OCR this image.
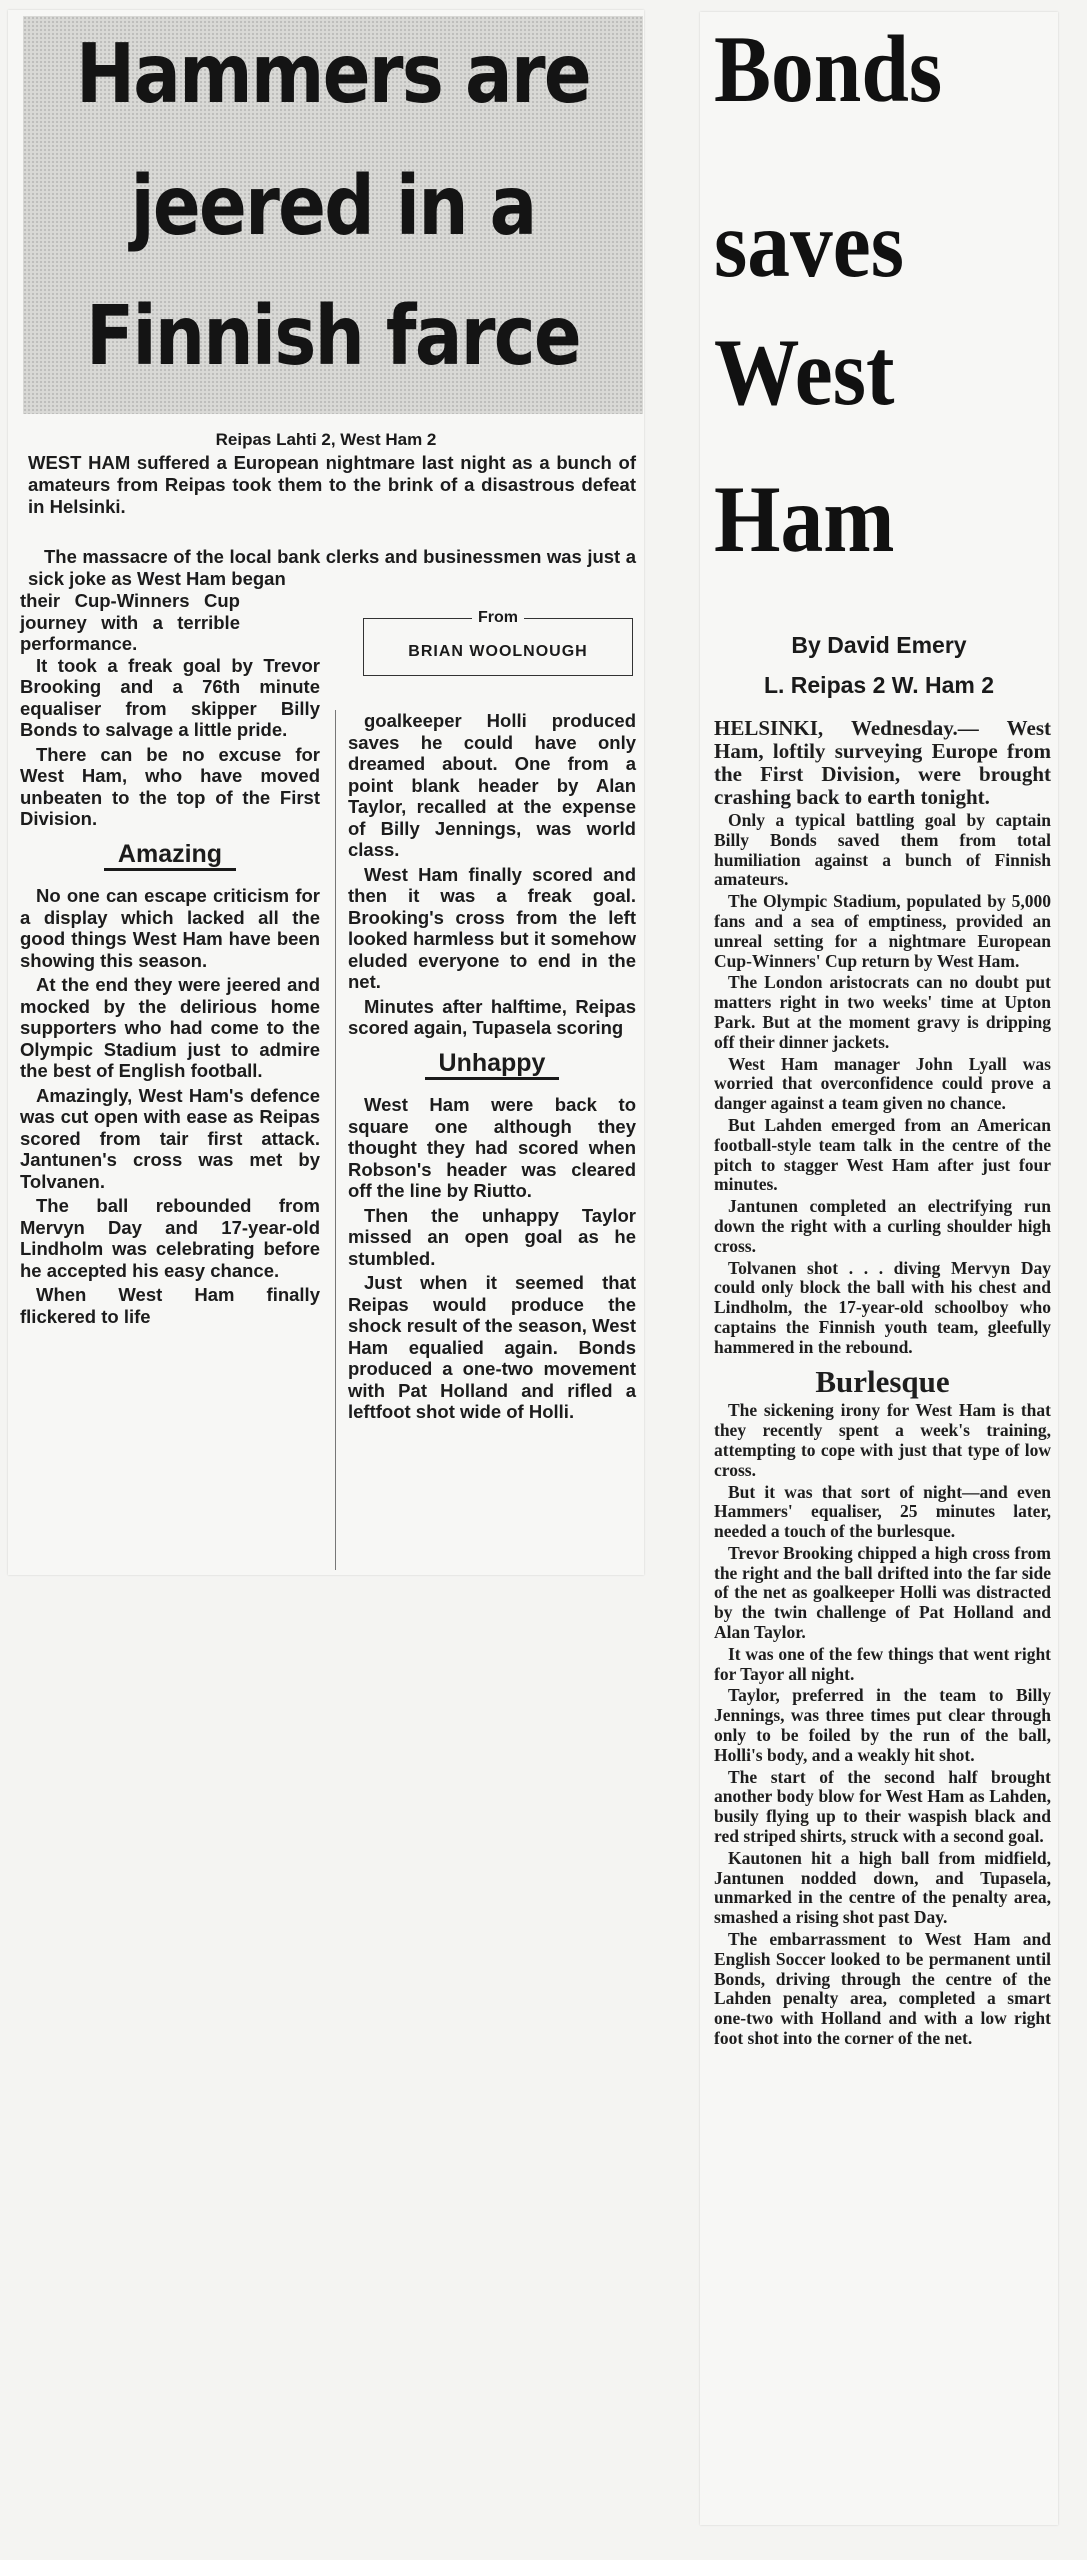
Hammers are
jeered in a
Finnish farce
Reipas Lahti 2, West Ham 2
WEST HAM suffered a European nightmare last night as a bunch of amateurs from Reipas took them to the brink of a disastrous defeat in Helsinki.
The massacre of the local bank clerks and businessmen was just a sick joke as West Ham began
From
BRIAN WOOLNOUGH
their Cup-Winners Cup journey with a terrible performance.

It took a freak goal by Trevor Brooking and a 76th minute equaliser from skipper Billy Bonds to salvage a little pride.

There can be no excuse for West Ham, who have moved unbeaten to the top of the First Division.

Amazing

No one can escape criticism for a display which lacked all the good things West Ham have been showing this season.

At the end they were jeered and mocked by the delirious home supporters who had come to the Olympic Stadium just to admire the best of English football.

Amazingly, West Ham's defence was cut open with ease as Reipas scored from tair first attack. Jantunen's cross was met by Tolvanen.

The ball rebounded from Mervyn Day and 17-year-old Lindholm was celebrating before he accepted his easy chance.

When West Ham finally flickered to life

goalkeeper Holli produced saves he could have only dreamed about. One from a point blank header by Alan Taylor, recalled at the expense of Billy Jennings, was world class.

West Ham finally scored and then it was a freak goal. Brooking's cross from the left looked harmless but it somehow eluded everyone to end in the net.

Minutes after halftime, Reipas scored again, Tupasela scoring

Unhappy

West Ham were back to square one although they thought they had scored when Robson's header was cleared off the line by Riutto.

Then the unhappy Taylor missed an open goal as he stumbled.

Just when it seemed that Reipas would produce the shock result of the season, West Ham equalied again. Bonds produced a one-two movement with Pat Holland and rifled a leftfoot shot wide of Holli.

Bonds
saves
West
Ham
By David Emery
L. Reipas 2 W. Ham 2

HELSINKI, Wednesday.— West Ham, loftily surveying Europe from the First Division, were brought crashing back to earth tonight.

Only a typical battling goal by captain Billy Bonds saved them from total humiliation against a bunch of Finnish amateurs.

The Olympic Stadium, populated by 5,000 fans and a sea of emptiness, provided an unreal setting for a nightmare European Cup-Winners' Cup return by West Ham.

The London aristocrats can no doubt put matters right in two weeks' time at Upton Park. But at the moment gravy is dripping off their dinner jackets.

West Ham manager John Lyall was worried that overconfidence could prove a danger against a team given no chance.

But Lahden emerged from an American football-style team talk in the centre of the pitch to stagger West Ham after just four minutes.

Jantunen completed an electrifying run down the right with a curling shoulder high cross.

Tolvanen shot . . . diving Mervyn Day could only block the ball with his chest and Lindholm, the 17-year-old schoolboy who captains the Finnish youth team, gleefully hammered in the rebound.

Burlesque

The sickening irony for West Ham is that they recently spent a week's training, attempting to cope with just that type of low cross.

But it was that sort of night—and even Hammers' equaliser, 25 minutes later, needed a touch of the burlesque.

Trevor Brooking chipped a high cross from the right and the ball drifted into the far side of the net as goalkeeper Holli was distracted by the twin challenge of Pat Holland and Alan Taylor.

It was one of the few things that went right for Tayor all night.

Taylor, preferred in the team to Billy Jennings, was three times put clear through only to be foiled by the run of the ball, Holli's body, and a weakly hit shot.

The start of the second half brought another body blow for West Ham as Lahden, busily flying up to their waspish black and red striped shirts, struck with a second goal.

Kautonen hit a high ball from midfield, Jantunen nodded down, and Tupasela, unmarked in the centre of the penalty area, smashed a rising shot past Day.

The embarrassment to West Ham and English Soccer looked to be permanent until Bonds, driving through the centre of the Lahden penalty area, completed a smart one-two with Holland and with a low right foot shot into the corner of the net.
